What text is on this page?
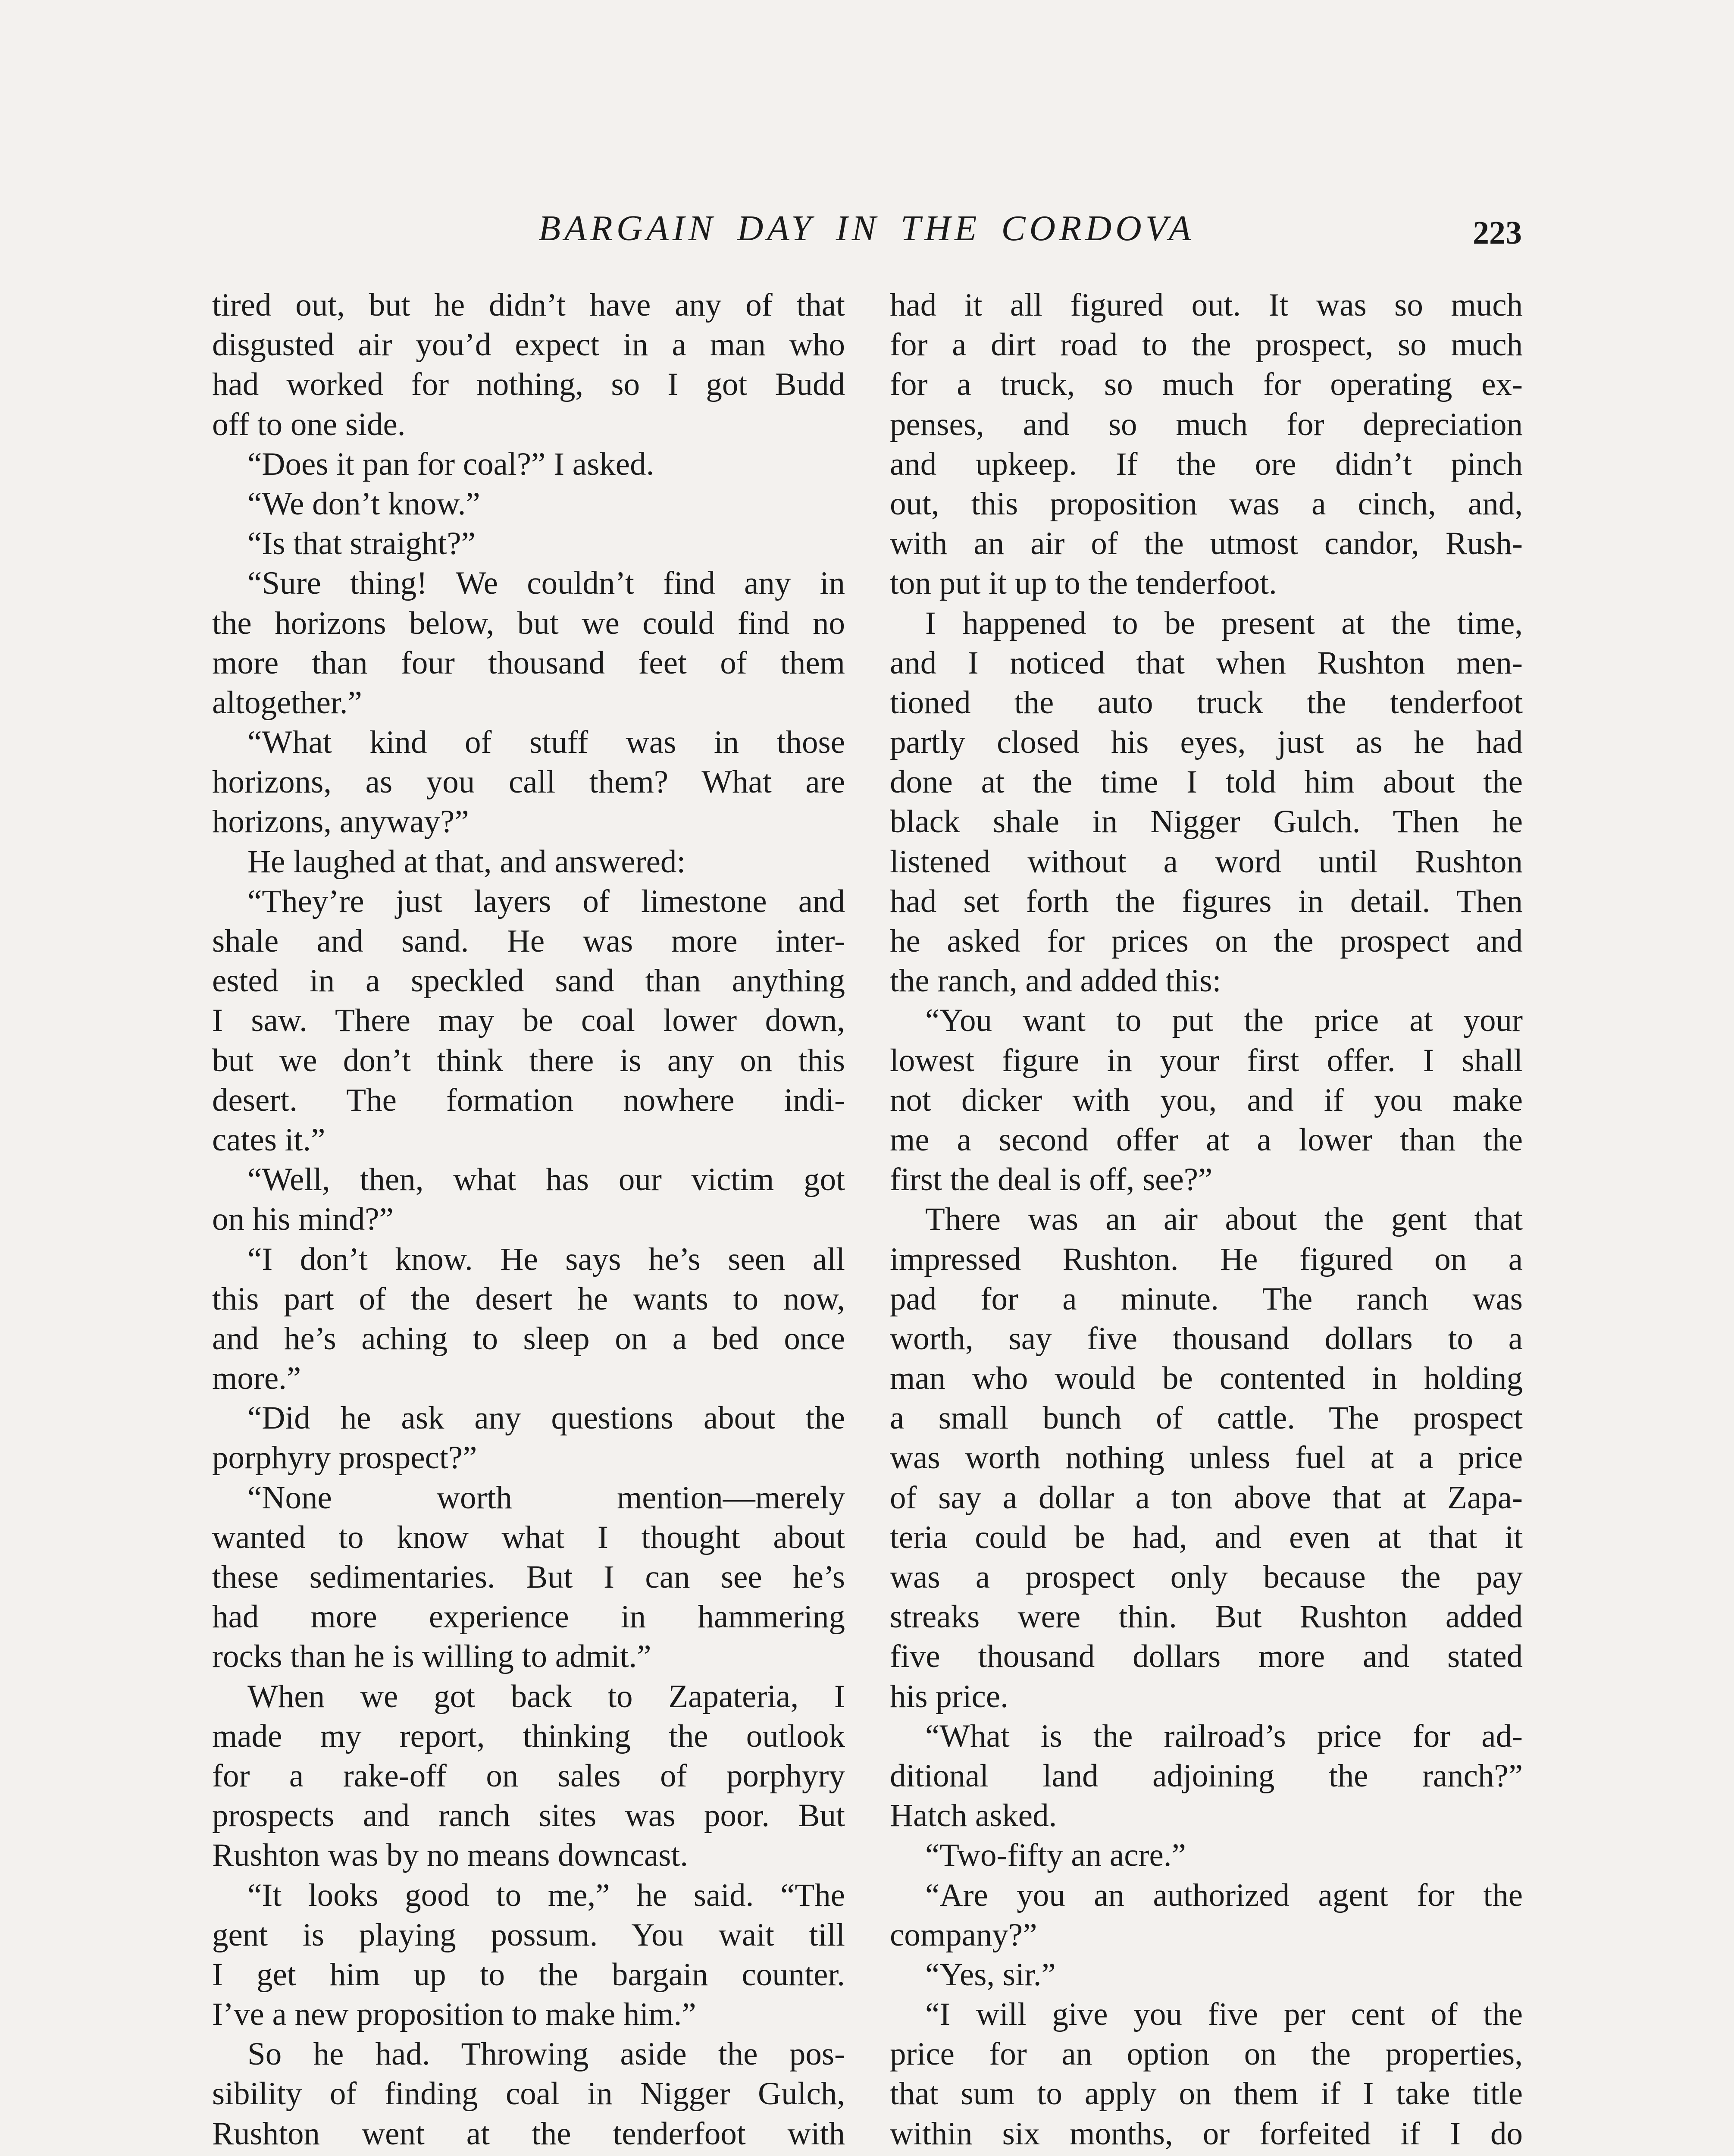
BARGAIN DAY IN THE CORDOVA	223
tired out, but he didn’t have any of that
disgusted air you’d expect in a man who
had worked for nothing, so I got Budd
off to one side.
“Does it pan for coal?” I asked.
“We don’t know.”
“Is that straight?”
“Sure thing! We couldn’t find any in
the horizons below, but we could find no
more than four thousand feet of them
altogether.”
“What kind of stuff was in those
horizons, as you call them? What are
horizons, anyway?”
He laughed at that, and answered:
“They’re just layers of limestone and
shale and sand. He was more inter-
ested in a speckled sand than anything
I saw. There may be coal lower down,
but we don’t think there is any on this
desert. The formation nowhere indi-
cates it.”
“Well, then, what has our victim got
on his mind?”
“I don’t know. He says he’s seen all
this part of the desert he wants to now,
and he’s aching to sleep on a bed once
more.”
“Did he ask any questions about the
porphyry prospect?”
“None worth mention—merely
wanted to know what I thought about
these sedimentaries. But I can see he’s
had more experience in hammering
rocks than he is willing to admit.”
When we got back to Zapateria, I
made my report, thinking the outlook
for a rake-off on sales of porphyry
prospects and ranch sites was poor. But
Rushton was by no means downcast.
“It looks good to me,” he said. “The
gent is playing possum. You wait till
I get him up to the bargain counter.
I’ve a new proposition to make him.”
So he had. Throwing aside the pos-
sibility of finding coal in Nigger Gulch,
Rushton went at the tenderfoot with
had it all figured out. It was so much
for a dirt road to the prospect, so much
for a truck, so much for operating ex-
penses, and so much for depreciation
and upkeep. If the ore didn’t pinch
out, this proposition was a cinch, and,
with an air of the utmost candor, Rush-
ton put it up to the tenderfoot.
I happened to be present at the time,
and I noticed that when Rushton men-
tioned the auto truck the tenderfoot
partly closed his eyes, just as he had
done at the time I told him about the
black shale in Nigger Gulch. Then he
listened without a word until Rushton
had set forth the figures in detail. Then
he asked for prices on the prospect and
the ranch, and added this:
“You want to put the price at your
lowest figure in your first offer. I shall
not dicker with you, and if you make
me a second offer at a lower than the
first the deal is off, see?”
There was an air about the gent that
impressed Rushton. He figured on a
pad for a minute. The ranch was
worth, say five thousand dollars to a
man who would be contented in holding
a small bunch of cattle. The prospect
was worth nothing unless fuel at a price
of say a dollar a ton above that at Zapa-
teria could be had, and even at that it
was a prospect only because the pay
streaks were thin. But Rushton added
five thousand dollars more and stated
his price.
“What is the railroad’s price for ad-
ditional land adjoining the ranch?”
Hatch asked.
“Two-fifty an acre.”
“Are you an authorized agent for the
company?”
“Yes, sir.”
“I will give you five per cent of the
price for an option on the properties,
that sum to apply on them if I take title
within six months, or forfeited if I do
